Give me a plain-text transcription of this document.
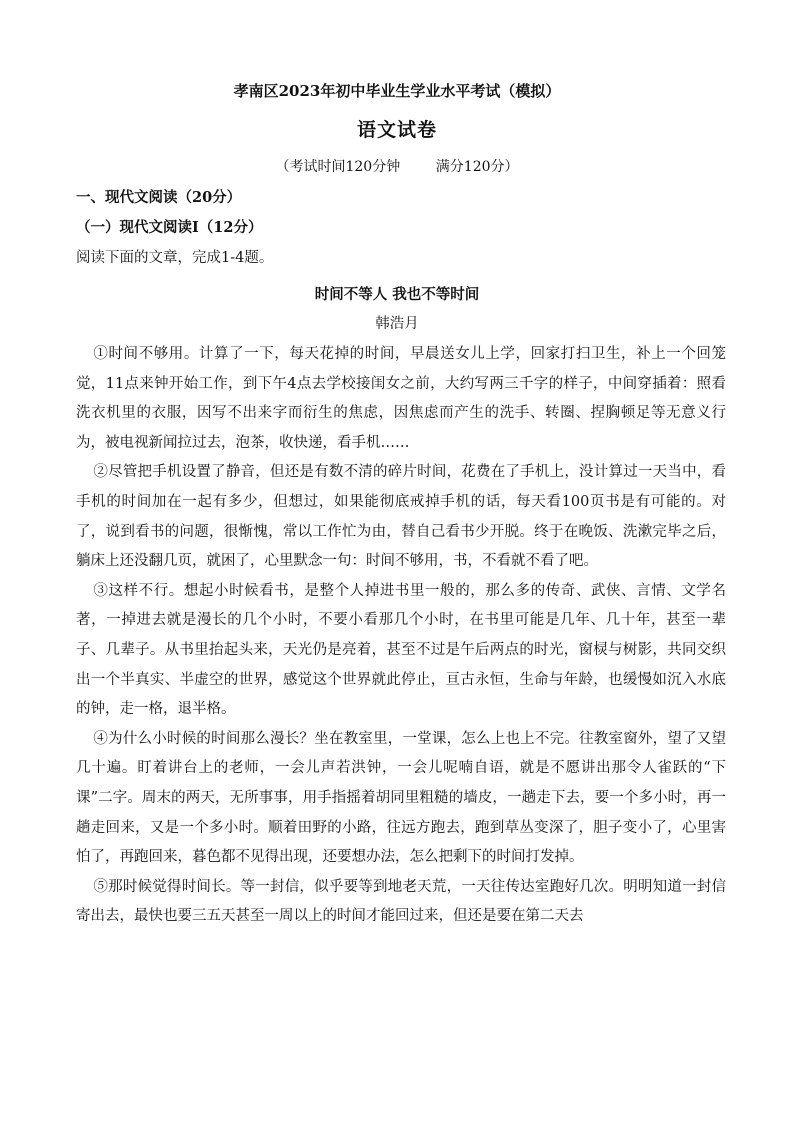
孝南区2023年初中毕业生学业水平考试（模拟）
语文试卷
（考试时间120分钟        满分120分）
一、现代文阅读（20分）
（一）现代文阅读Ⅰ（12分）
阅读下面的文章，完成1-4题。
时间不等人 我也不等时间
韩浩月

①时间不够用。计算了一下，每天花掉的时间，早晨送女儿上学，回家打扫卫生，补上一个回笼觉，11点来钟开始工作，到下午4点去学校接闺女之前，大约写两三千字的样子，中间穿插着：照看洗衣机里的衣服，因写不出来字而衍生的焦虑，因焦虑而产生的洗手、转圈、捏胸顿足等无意义行为，被电视新闻拉过去，泡茶，收快递，看手机……

②尽管把手机设置了静音，但还是有数不清的碎片时间，花费在了手机上，没计算过一天当中，看手机的时间加在一起有多少，但想过，如果能彻底戒掉手机的话，每天看100页书是有可能的。对了，说到看书的问题，很惭愧，常以工作忙为由，替自己看书少开脱。终于在晚饭、洗漱完毕之后，躺床上还没翻几页，就困了，心里默念一句：时间不够用，书，不看就不看了吧。

③这样不行。想起小时候看书，是整个人掉进书里一般的，那么多的传奇、武侠、言情、文学名著，一掉进去就是漫长的几个小时，不要小看那几个小时，在书里可能是几年、几十年，甚至一辈子、几辈子。从书里抬起头来，天光仍是亮着，甚至不过是午后两点的时光，窗棂与树影，共同交织出一个半真实、半虚空的世界，感觉这个世界就此停止，亘古永恒，生命与年龄，也缓慢如沉入水底的钟，走一格，退半格。

④为什么小时候的时间那么漫长？坐在教室里，一堂课，怎么上也上不完。往教室窗外，望了又望几十遍。盯着讲台上的老师，一会儿声若洪钟，一会儿呢喃自语，就是不愿讲出那令人雀跃的“下课”二字。周末的两天，无所事事，用手指摇着胡同里粗糙的墙皮，一趟走下去，要一个多小时，再一趟走回来，又是一个多小时。顺着田野的小路，往远方跑去，跑到草丛变深了，胆子变小了，心里害怕了，再跑回来，暮色都不见得出现，还要想办法，怎么把剩下的时间打发掉。

⑤那时候觉得时间长。等一封信，似乎要等到地老天荒，一天往传达室跑好几次。明明知道一封信寄出去，最快也要三五天甚至一周以上的时间才能回过来，但还是要在第二天去
